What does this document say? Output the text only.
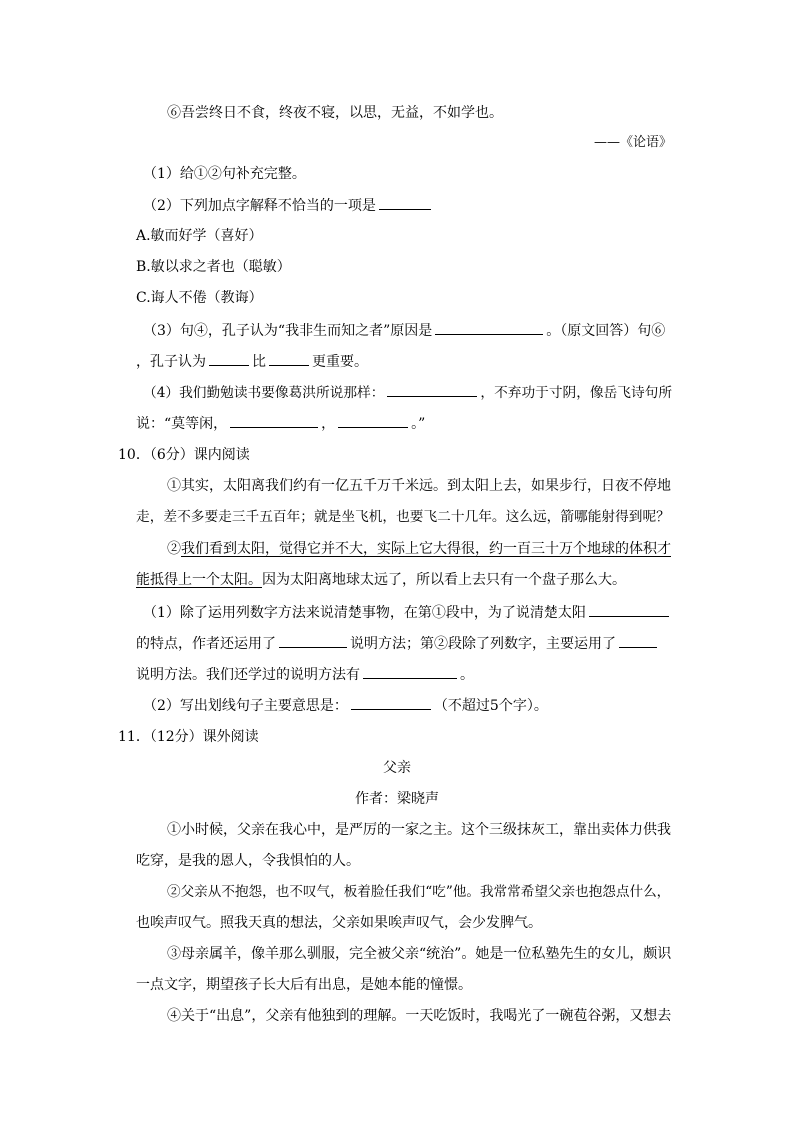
⑥吾尝终日不食，终夜不寝，以思，无益，不如学也。
——《论语》
（1）给①②句补充完整。
（2）下列加点字解释不恰当的一项是
A.敏而好学（喜好）
B.敏以求之者也（聪敏）
C.诲人不倦（教诲）
（3）句④，孔子认为“我非生而知之者”原因是	。（原文回答）句⑥
，孔子认为	比	更重要。
（4）我们勤勉读书要像葛洪所说那样：	，不弃功于寸阴，像岳飞诗句所
说：“莫等闲，	，	。”
10．（6分）课内阅读
①其实，太阳离我们约有一亿五千万千米远。到太阳上去，如果步行，日夜不停地
走，差不多要走三千五百年；就是坐飞机，也要飞二十几年。这么远，箭哪能射得到呢？
②我们看到太阳，觉得它并不大，实际上它大得很，约一百三十万个地球的体积才
能抵得上一个太阳。因为太阳离地球太远了，所以看上去只有一个盘子那么大。
（1）除了运用列数字方法来说清楚事物，在第①段中，为了说清楚太阳
的特点，作者还运用了	说明方法；第②段除了列数字，主要运用了
说明方法。我们还学过的说明方法有	。
（2）写出划线句子主要意思是：	（不超过5个字）。
11．（12分）课外阅读
父亲
作者：梁晓声
①小时候，父亲在我心中，是严厉的一家之主。这个三级抹灰工，靠出卖体力供我
吃穿，是我的恩人，令我惧怕的人。
②父亲从不抱怨，也不叹气，板着脸任我们“吃”他。我常常希望父亲也抱怨点什么，
也唉声叹气。照我天真的想法，父亲如果唉声叹气，会少发脾气。
③母亲属羊，像羊那么驯服，完全被父亲“统治”。她是一位私塾先生的女儿，颇识
一点文字，期望孩子长大后有出息，是她本能的憧憬。
④关于“出息”，父亲有他独到的理解。一天吃饭时，我喝光了一碗苞谷粥，又想去
